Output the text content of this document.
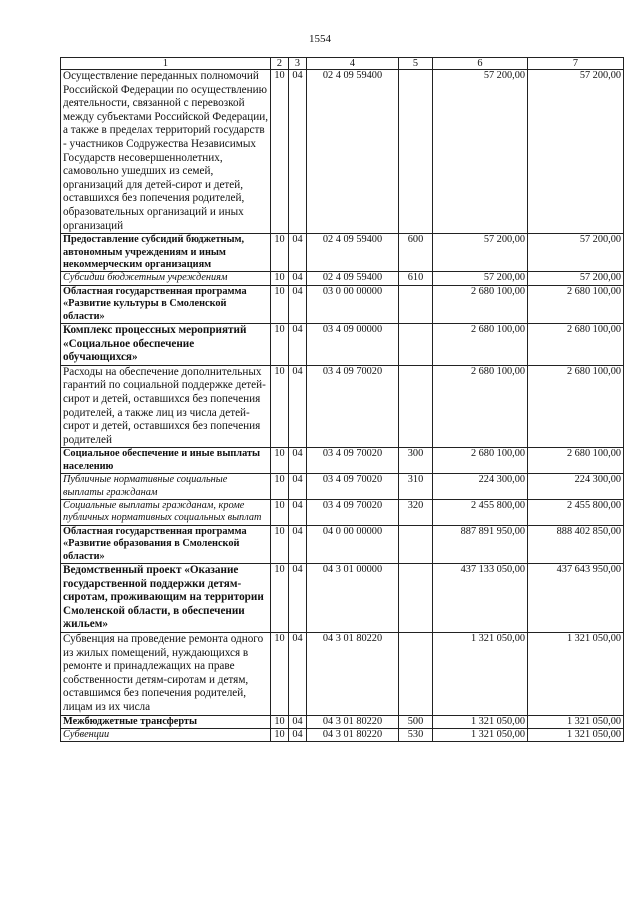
1554
1	2	3	4	5	6	7
Осуществление переданных полномочий Российской Федерации по осуществлению деятельности, связанной с перевозкой между субъектами Российской Федерации, а также в пределах территорий государств - участников Содружества Независимых Государств несовершеннолетних, самовольно ушедших из семей, организаций для детей-сирот и детей, оставшихся без попечения родителей, образовательных организаций и иных организаций	10	04	02 4 09 59400		57 200,00	57 200,00
Предоставление субсидий бюджетным, автономным учреждениям и иным некоммерческим организациям	10	04	02 4 09 59400	600	57 200,00	57 200,00
Субсидии бюджетным учреждениям	10	04	02 4 09 59400	610	57 200,00	57 200,00
Областная государственная программа «Развитие культуры в Смоленской области»	10	04	03 0 00 00000		2 680 100,00	2 680 100,00
Комплекс процессных мероприятий «Социальное обеспечение обучающихся»	10	04	03 4 09 00000		2 680 100,00	2 680 100,00
Расходы на обеспечение дополнительных гарантий по социальной поддержке детей-сирот и детей, оставшихся без попечения родителей, а также лиц из числа детей-сирот и детей, оставшихся без попечения родителей	10	04	03 4 09 70020		2 680 100,00	2 680 100,00
Социальное обеспечение и иные выплаты населению	10	04	03 4 09 70020	300	2 680 100,00	2 680 100,00
Публичные нормативные социальные выплаты гражданам	10	04	03 4 09 70020	310	224 300,00	224 300,00
Социальные выплаты гражданам, кроме публичных нормативных социальных выплат	10	04	03 4 09 70020	320	2 455 800,00	2 455 800,00
Областная государственная программа «Развитие образования в Смоленской области»	10	04	04 0 00 00000		887 891 950,00	888 402 850,00
Ведомственный проект «Оказание государственной поддержки детям-сиротам, проживающим на территории Смоленской области, в обеспечении жильем»	10	04	04 3 01 00000		437 133 050,00	437 643 950,00
Субвенция на проведение ремонта одного из жилых помещений, нуждающихся в ремонте и принадлежащих на праве собственности детям-сиротам и детям, оставшимся без попечения родителей, лицам из их числа	10	04	04 3 01 80220		1 321 050,00	1 321 050,00
Межбюджетные трансферты	10	04	04 3 01 80220	500	1 321 050,00	1 321 050,00
Субвенции	10	04	04 3 01 80220	530	1 321 050,00	1 321 050,00
